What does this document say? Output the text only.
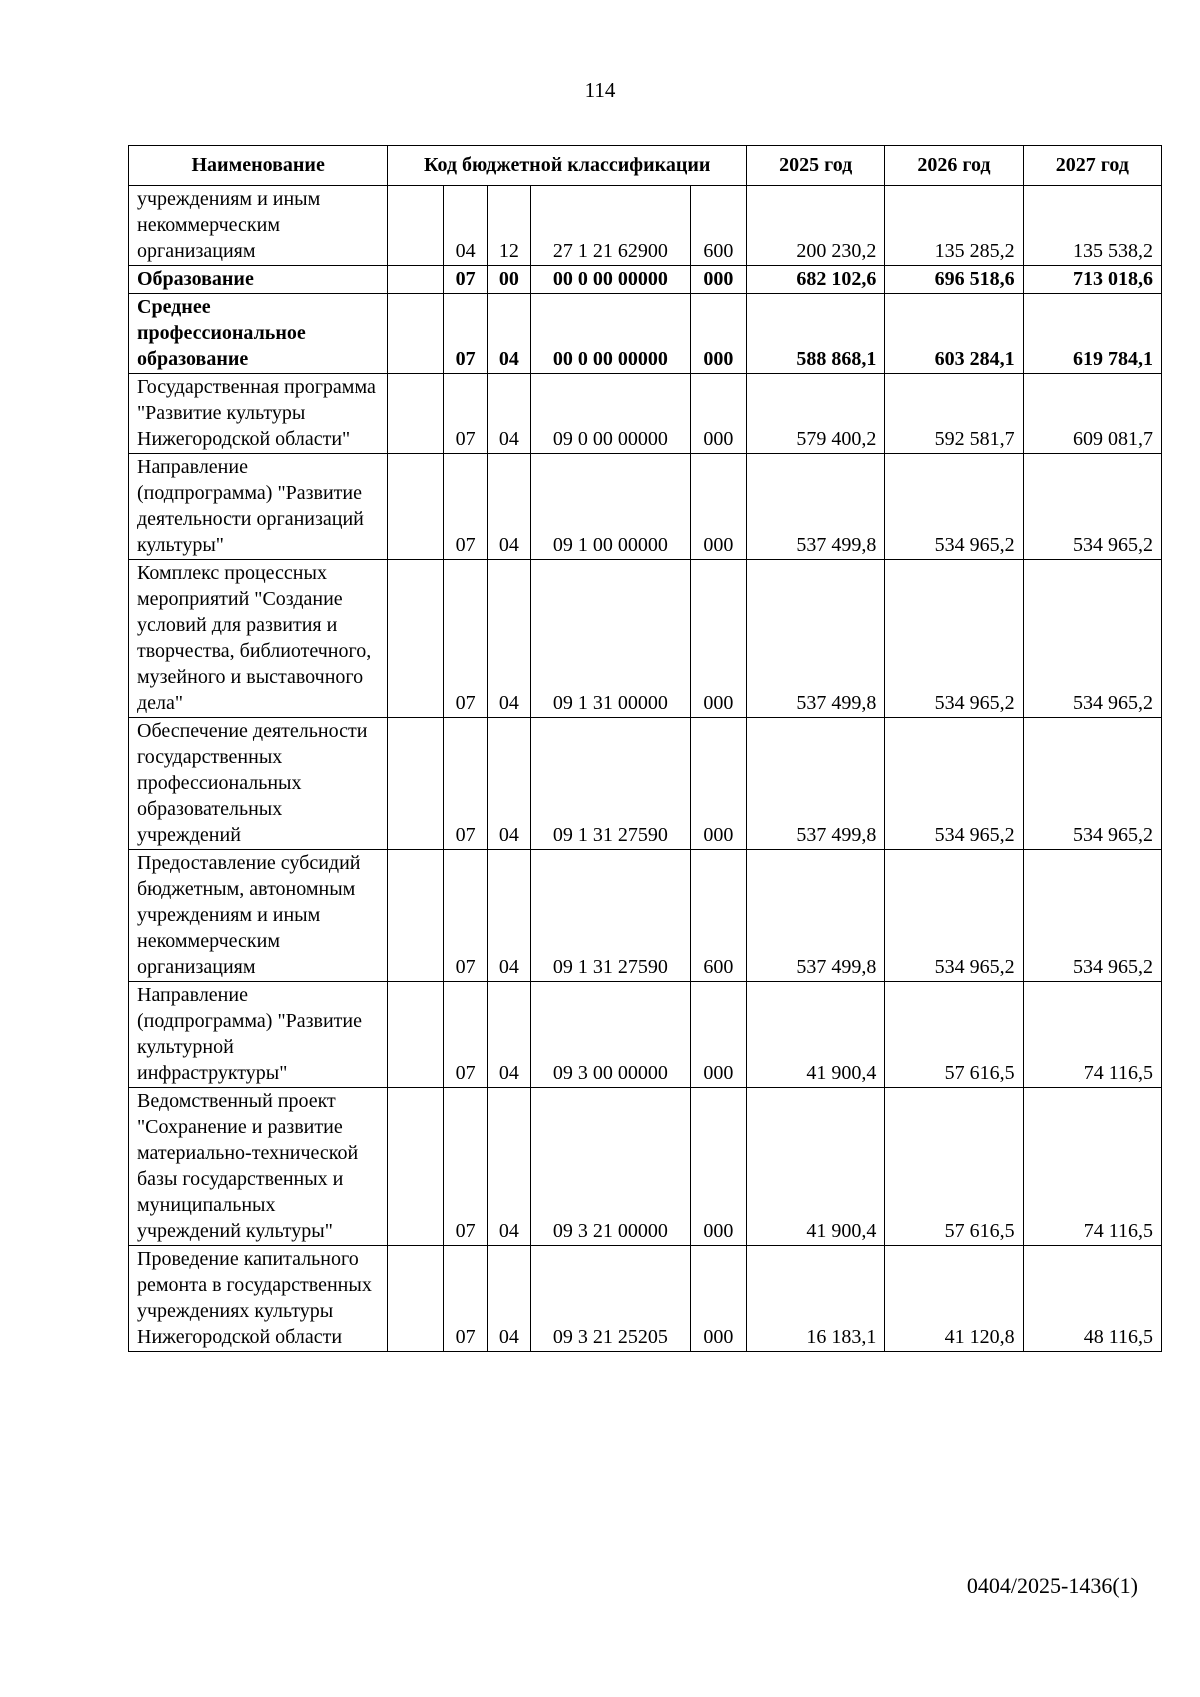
114
Наименование	Код бюджетной классификации					2025 год	2026 год	2027 год
учреждениям и иным некоммерческим организациям		04	12	27 1 21 62900	600	200 230,2	135 285,2	135 538,2
Образование		07	00	00 0 00 00000	000	682 102,6	696 518,6	713 018,6
Среднее профессиональное образование		07	04	00 0 00 00000	000	588 868,1	603 284,1	619 784,1
Государственная программа "Развитие культуры Нижегородской области"		07	04	09 0 00 00000	000	579 400,2	592 581,7	609 081,7
Направление (подпрограмма) "Развитие деятельности организаций культуры"		07	04	09 1 00 00000	000	537 499,8	534 965,2	534 965,2
Комплекс процессных мероприятий "Создание условий для развития и творчества, библиотечного, музейного и выставочного дела"		07	04	09 1 31 00000	000	537 499,8	534 965,2	534 965,2
Обеспечение деятельности государственных профессиональных образовательных учреждений		07	04	09 1 31 27590	000	537 499,8	534 965,2	534 965,2
Предоставление субсидий бюджетным, автономным учреждениям и иным некоммерческим организациям		07	04	09 1 31 27590	600	537 499,8	534 965,2	534 965,2
Направление (подпрограмма) "Развитие культурной инфраструктуры"		07	04	09 3 00 00000	000	41 900,4	57 616,5	74 116,5
Ведомственный проект "Сохранение и развитие материально-технической базы государственных и муниципальных учреждений культуры"		07	04	09 3 21 00000	000	41 900,4	57 616,5	74 116,5
Проведение капитального ремонта в государственных учреждениях культуры Нижегородской области		07	04	09 3 21 25205	000	16 183,1	41 120,8	48 116,5
0404/2025-1436(1)
